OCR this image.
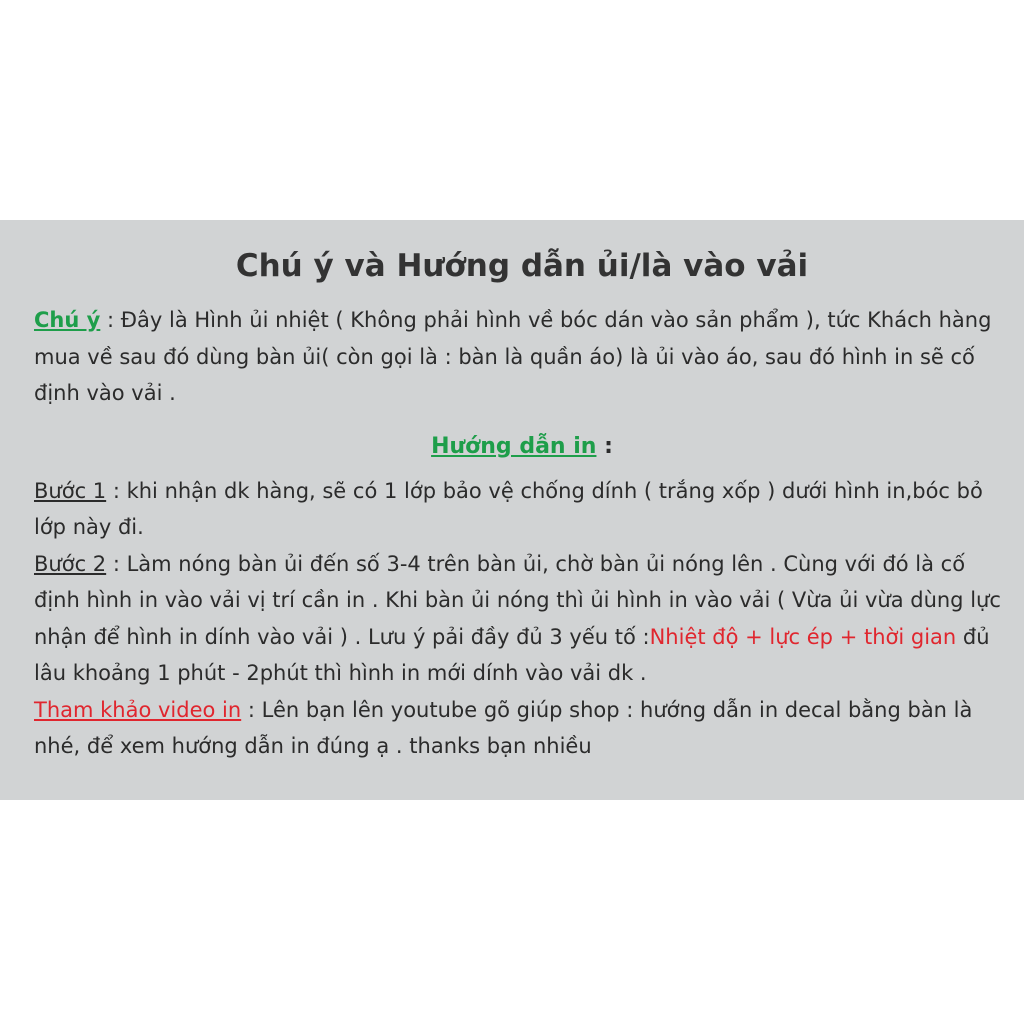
Chú ý và Hướng dẫn ủi/là vào vải

Chú ý : Đây là Hình ủi nhiệt ( Không phải hình về bóc dán vào sản phẩm ), tức Khách hàng mua về sau đó dùng bàn ủi( còn gọi là : bàn là quần áo) là ủi vào áo, sau đó hình in sẽ cố định vào vải .

Hướng dẫn in :

Bước 1 : khi nhận dk hàng, sẽ có 1 lớp bảo vệ chống dính ( trắng xốp ) dưới hình in,bóc bỏ lớp này đi.

Bước 2 : Làm nóng bàn ủi đến số 3-4 trên bàn ủi, chờ bàn ủi nóng lên . Cùng với đó là cố định hình in vào vải vị trí cần in . Khi bàn ủi nóng thì ủi hình in vào vải ( Vừa ủi vừa dùng lực nhận để hình in dính vào vải ) . Lưu ý pải đầy đủ 3 yếu tố :Nhiệt độ + lực ép + thời gian đủ lâu khoảng 1 phút - 2phút thì hình in mới dính vào vải dk .

Tham khảo video in : Lên bạn lên youtube gõ giúp shop : hướng dẫn in decal bằng bàn là nhé, để xem hướng dẫn in đúng ạ . thanks bạn nhiều
